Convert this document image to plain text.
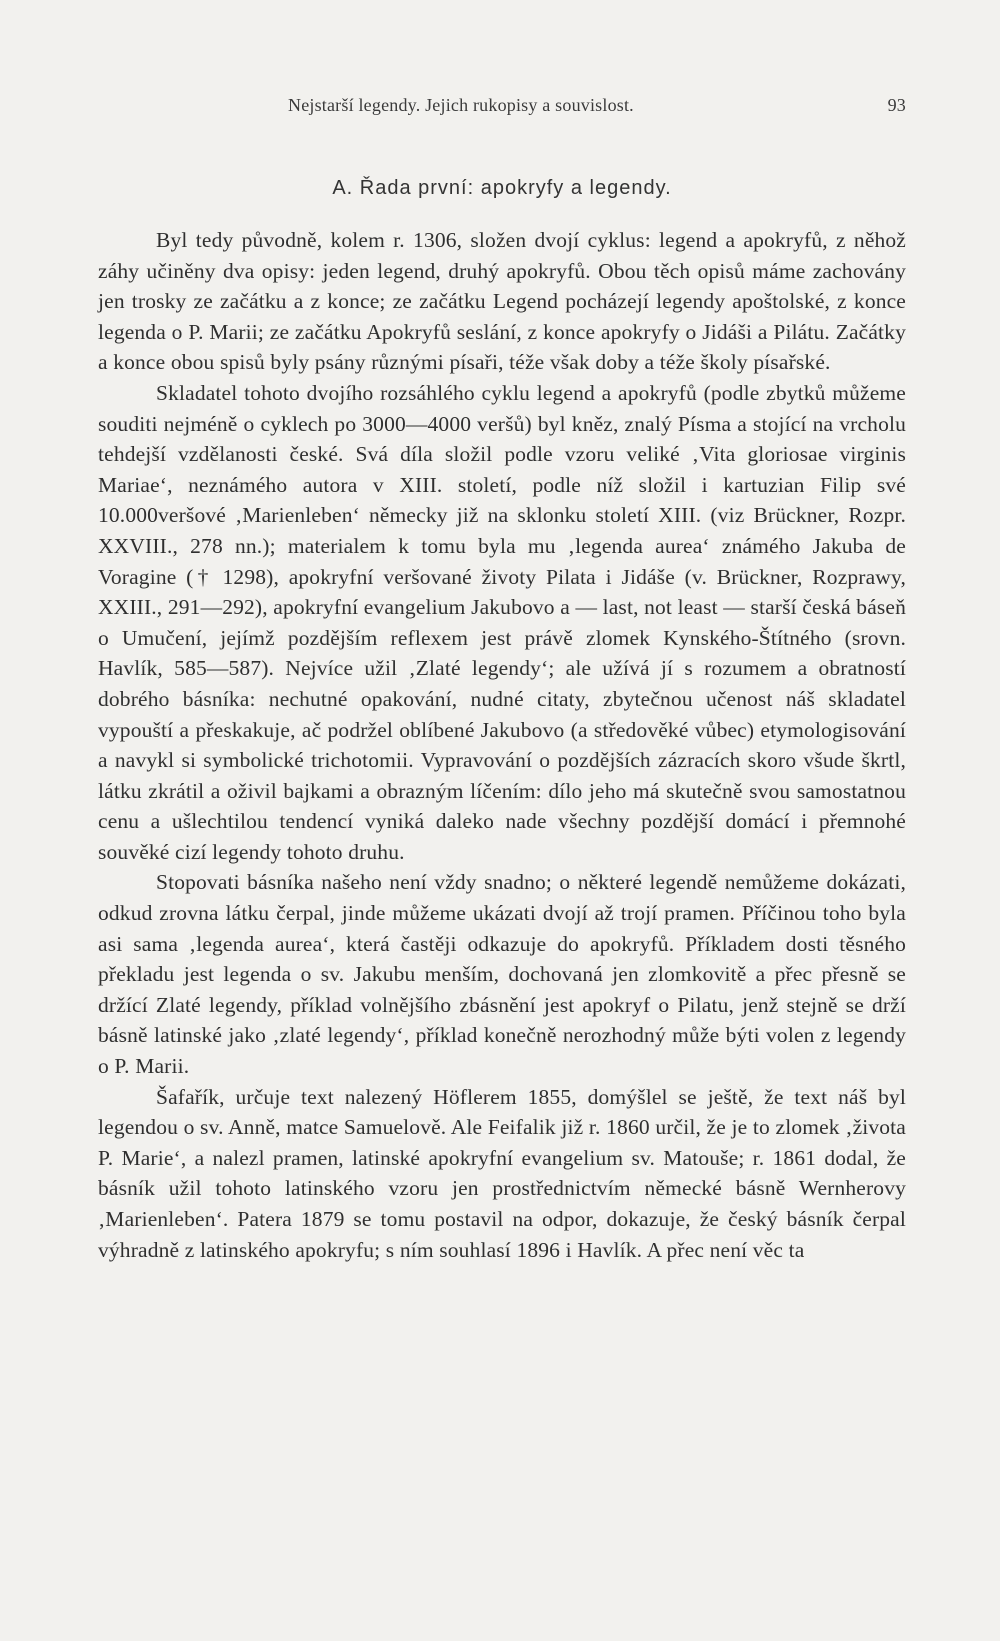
Nejstarší legendy. Jejich rukopisy a souvislost.	93
A. Řada první: apokryfy a legendy.

Byl tedy původně, kolem r. 1306, složen dvojí cyklus: legend a apokryfů, z něhož záhy učiněny dva opisy: jeden legend, druhý apokryfů. Obou těch opisů máme zachovány jen trosky ze začátku a z konce; ze začátku Legend pocházejí legendy apoštolské, z konce legenda o P. Marii; ze začátku Apokryfů seslání, z konce apokryfy o Jidáši a Pilátu. Začátky a konce obou spisů byly psány různými písaři, téže však doby a téže školy písařské.

Skladatel tohoto dvojího rozsáhlého cyklu legend a apokryfů (podle zbytků můžeme souditi nejméně o cyklech po 3000—4000 veršů) byl kněz, znalý Písma a stojící na vrcholu tehdejší vzdělanosti české. Svá díla složil podle vzoru veliké ‚Vita gloriosae virginis Mariae‘, neznámého autora v XIII. století, podle níž složil i kartuzian Filip své 10.000veršové ‚Marienleben‘ německy již na sklonku století XIII. (viz Brückner, Rozpr. XXVIII., 278 nn.); materialem k tomu byla mu ‚legenda aurea‘ známého Jakuba de Voragine († 1298), apokryfní veršované životy Pilata i Jidáše (v. Brückner, Rozprawy, XXIII., 291—292), apokryfní evangelium Jakubovo a — last, not least — starší česká báseň o Umučení, jejímž pozdějším reflexem jest právě zlomek Kynského-Štítného (srovn. Havlík, 585—587). Nejvíce užil ‚Zlaté legendy‘; ale užívá jí s rozumem a obratností dobrého básníka: nechutné opakování, nudné citaty, zbytečnou učenost náš skladatel vypouští a přeskakuje, ač podržel oblíbené Jakubovo (a středověké vůbec) etymologisování a navykl si symbolické trichotomii. Vypravování o pozdějších zázracích skoro všude škrtl, látku zkrátil a oživil bajkami a obrazným líčením: dílo jeho má skutečně svou samostatnou cenu a ušlechtilou tendencí vyniká daleko nade všechny pozdější domácí i přemnohé souvěké cizí legendy tohoto druhu.

Stopovati básníka našeho není vždy snadno; o některé legendě nemůžeme dokázati, odkud zrovna látku čerpal, jinde můžeme ukázati dvojí až trojí pramen. Příčinou toho byla asi sama ‚legenda aurea‘, která častěji odkazuje do apokryfů. Příkladem dosti těsného překladu jest legenda o sv. Jakubu menším, dochovaná jen zlomkovitě a přec přesně se držící Zlaté legendy, příklad volnějšího zbásnění jest apokryf o Pilatu, jenž stejně se drží básně latinské jako ‚zlaté legendy‘, příklad konečně nerozhodný může býti volen z legendy o P. Marii.

Šafařík, určuje text nalezený Höflerem 1855, domýšlel se ještě, že text náš byl legendou o sv. Anně, matce Samuelově. Ale Feifalik již r. 1860 určil, že je to zlomek ‚života P. Marie‘, a nalezl pramen, latinské apokryfní evangelium sv. Matouše; r. 1861 dodal, že básník užil tohoto latinského vzoru jen prostřednictvím německé básně Wernherovy ‚Marienleben‘. Patera 1879 se tomu postavil na odpor, dokazuje, že český básník čerpal výhradně z latinského apokryfu; s ním souhlasí 1896 i Havlík. A přec není věc ta
